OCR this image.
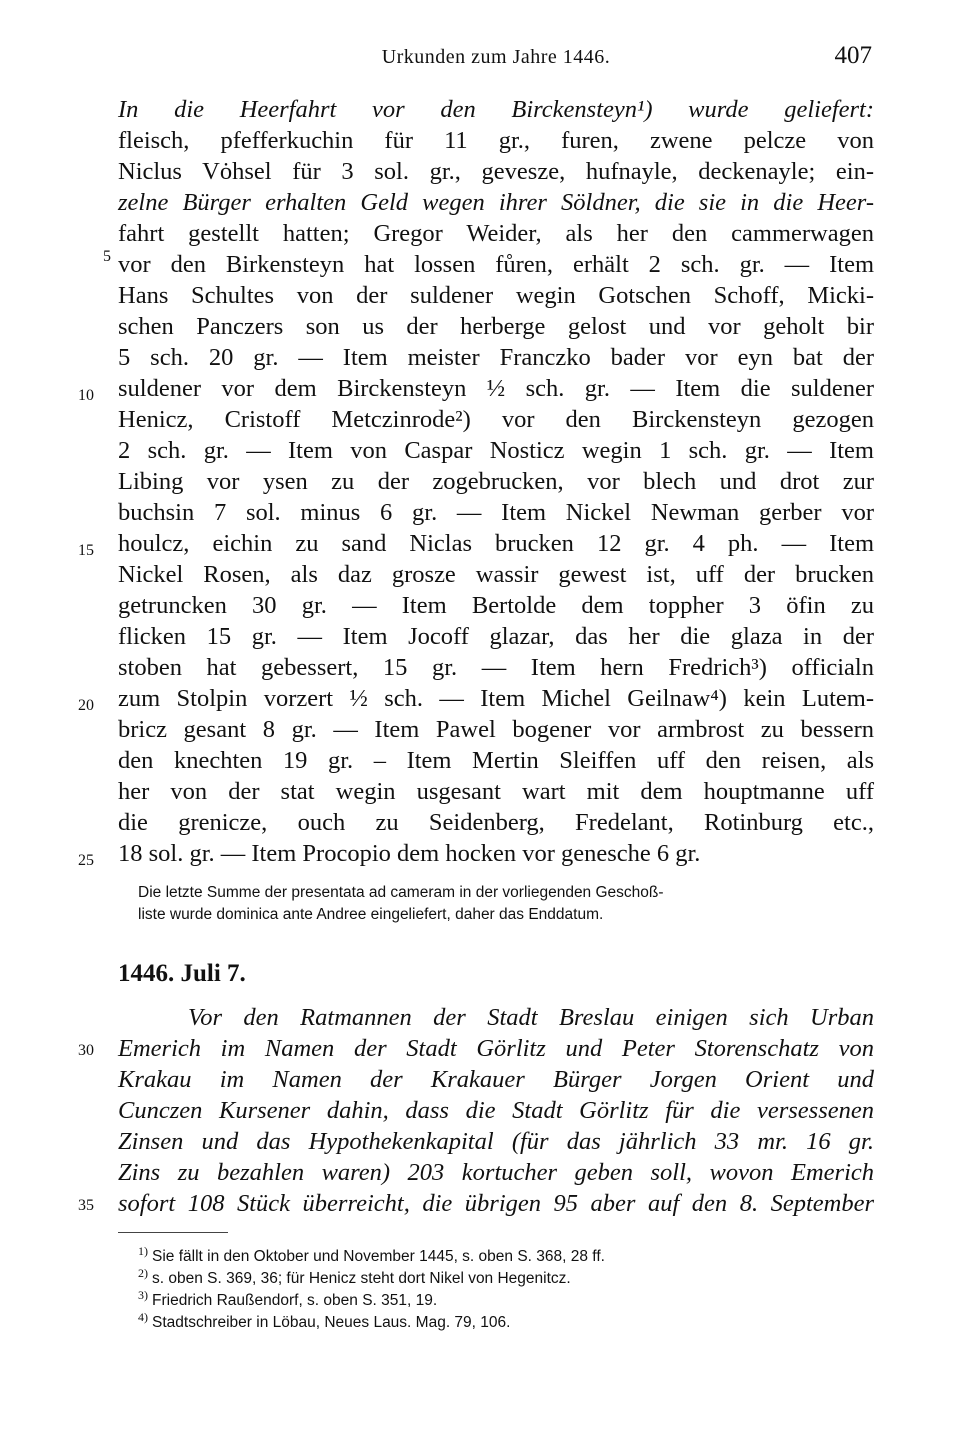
Urkunden zum Jahre 1446.	407
In die Heerfahrt vor den Birckensteyn¹) wurde geliefert:
fleisch, pfefferkuchin für 11 gr., furen, zwene pelcze von
Niclus Vȯhsel für 3 sol. gr., gevesze, hufnayle, deckenayle; ein-
zelne Bürger erhalten Geld wegen ihrer Söldner, die sie in die Heer-
fahrt gestellt hatten; Gregor Weider, als her den cammerwagen
vor den Birkensteyn hat lossen fůren, erhält 2 sch. gr. — Item
Hans Schultes von der suldener wegin Gotschen Schoff, Micki-
schen Panczers son us der herberge gelost und vor geholt bir
5 sch. 20 gr. — Item meister Franczko bader vor eyn bat der
suldener vor dem Birckensteyn ½ sch. gr. — Item die suldener
Henicz, Cristoff Metczinrode²) vor den Birckensteyn gezogen
2 sch. gr. — Item von Caspar Nosticz wegin 1 sch. gr. — Item
Libing vor ysen zu der zogebrucken, vor blech und drot zur
buchsin 7 sol. minus 6 gr. — Item Nickel Newman gerber vor
houlcz, eichin zu sand Niclas brucken 12 gr. 4 ph. — Item
Nickel Rosen, als daz grosze wassir gewest ist, uff der brucken
getruncken 30 gr. — Item Bertolde dem toppher 3 öfin zu
flicken 15 gr. — Item Jocoff glazar, das her die glaza in der
stoben hat gebessert, 15 gr. — Item hern Fredrich³) officialn
zum Stolpin vorzert ½ sch. — Item Michel Geilnaw⁴) kein Lutem-
bricz gesant 8 gr. — Item Pawel bogener vor armbrost zu bessern
den knechten 19 gr. – Item Mertin Sleiffen uff den reisen, als
her von der stat wegin usgesant wart mit dem houptmanne uff
die grenicze, ouch zu Seidenberg, Fredelant, Rotinburg etc.,
18 sol. gr. — Item Procopio dem hocken vor genesche 6 gr.
5
10
15
20
25
30
35
Die letzte Summe der presentata ad cameram in der vorliegenden Geschoß-
liste wurde dominica ante Andree eingeliefert, daher das Enddatum.
1446. Juli 7.
Vor den Ratmannen der Stadt Breslau einigen sich Urban
Emerich im Namen der Stadt Görlitz und Peter Storenschatz von
Krakau im Namen der Krakauer Bürger Jorgen Orient und
Cunczen Kursener dahin, dass die Stadt Görlitz für die versessenen
Zinsen und das Hypothekenkapital (für das jährlich 33 mr. 16 gr.
Zins zu bezahlen waren) 203 kortucher geben soll, wovon Emerich
sofort 108 Stück überreicht, die übrigen 95 aber auf den 8. September
$^{1)}$ Sie fällt in den Oktober und November 1445, s. oben S. 368, 28 ff.
$^{2)}$ s. oben S. 369, 36; für Henicz steht dort Nikel von Hegenitcz.
$^{3)}$ Friedrich Raußendorf, s. oben S. 351, 19.
$^{4)}$ Stadtschreiber in Löbau, Neues Laus. Mag. 79, 106.
